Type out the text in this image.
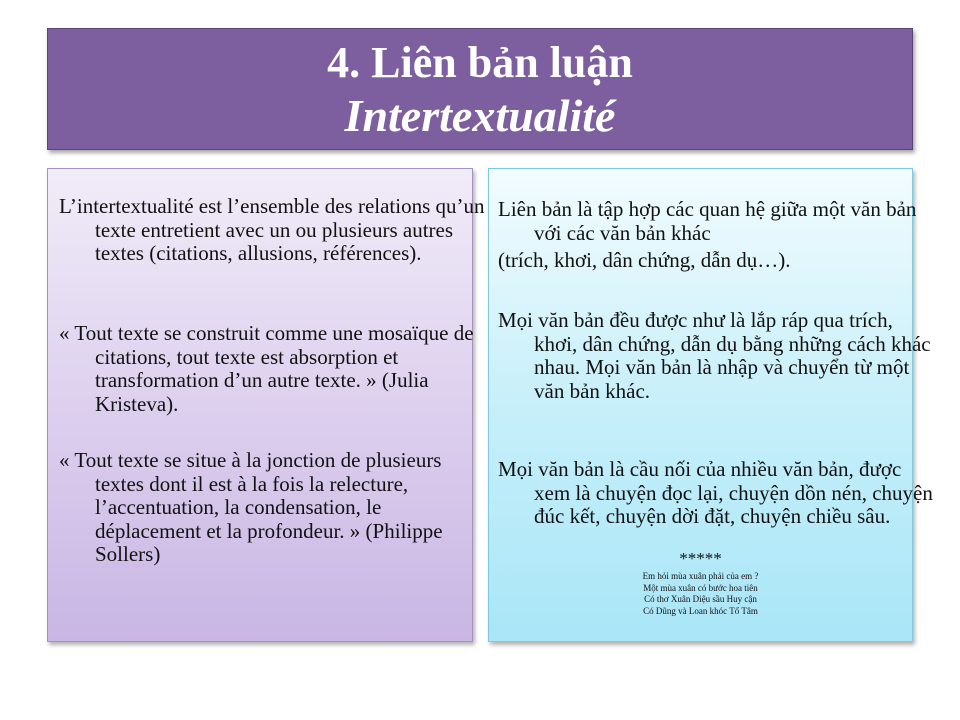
4. Liên bản luận
Intertextualité

L’intertextualité est l’ensemble des relations qu’un texte entretient avec un ou plusieurs autres textes (citations, allusions, références).

« Tout texte se construit comme une mosaïque de citations, tout texte est absorption et transformation d’un autre texte. » (Julia Kristeva).

« Tout texte se situe à la jonction de plusieurs textes dont il est à la fois la relecture, l’accentuation, la condensation, le déplacement et la profondeur. » (Philippe Sollers)

Liên bản là tập hợp các quan hệ giữa một văn bản với các văn bản khác

(trích, khơi, dân chứng, dẫn dụ…).

Mọi văn bản đều được như là lắp ráp qua trích, khơi, dân chứng, dẫn dụ bằng những cách khác nhau. Mọi văn bản là nhập và chuyển từ một văn bản khác.

Mọi văn bản là cầu nối của nhiều văn bản, được xem là chuyện đọc lại, chuyện dồn nén, chuyện đúc kết, chuyện dời đặt, chuyện chiều sâu.

*****
Em hỏi mùa xuân phải của em ?
Một mùa xuân có bước hoa tiên
Có thơ Xuân Diệu sầu Huy cận
Có Dũng và Loan khóc Tố Tâm
